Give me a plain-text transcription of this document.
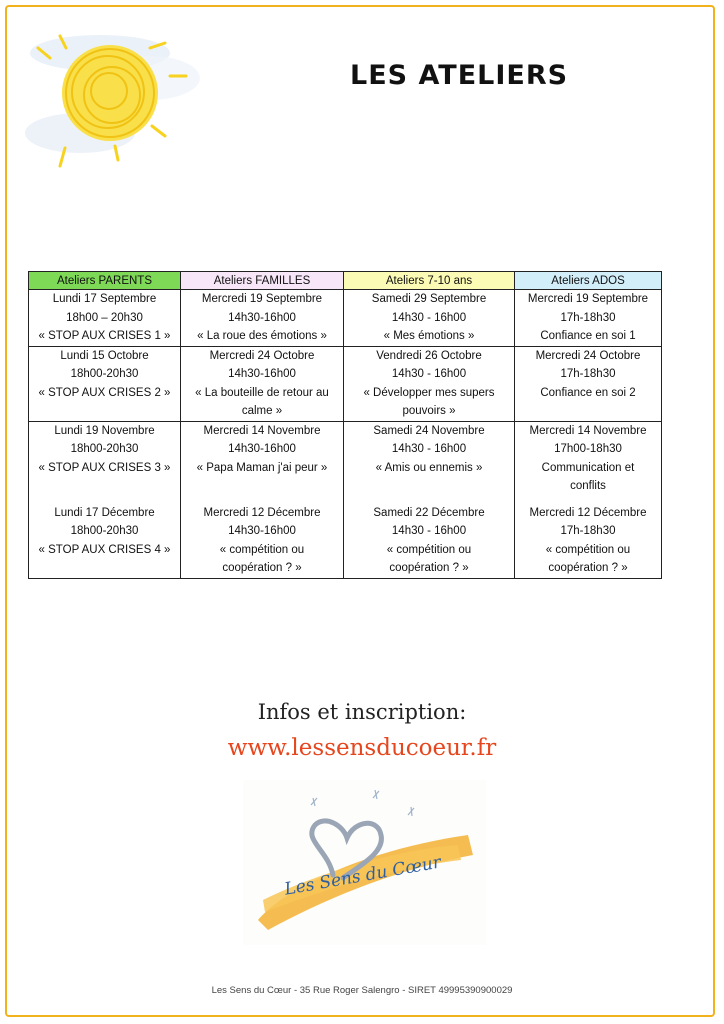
LES ATELIERS
Ateliers PARENTS	Ateliers FAMILLES	Ateliers 7-10 ans	Ateliers ADOS

Lundi 17 Septembre
18h00 – 20h30
« STOP AUX CRISES 1 »	Mercredi 19 Septembre
14h30-16h00
« La roue des émotions »	Samedi 29 Septembre
14h30 - 16h00
« Mes émotions »	Mercredi 19 Septembre
17h-18h30
Confiance en soi 1

Lundi 15 Octobre
18h00-20h30
« STOP AUX CRISES 2 »	Mercredi 24 Octobre
14h30-16h00
« La bouteille de retour au
calme »	Vendredi 26 Octobre
14h30 - 16h00
« Développer mes supers
pouvoirs »	Mercredi 24 Octobre
17h-18h30
Confiance en soi 2

Lundi 19 Novembre
18h00-20h30
« STOP AUX CRISES 3 »	Mercredi 14 Novembre
14h30-16h00
« Papa Maman j'ai peur »	Samedi 24 Novembre
14h30 - 16h00
« Amis ou ennemis »	Mercredi 14 Novembre
17h00-18h30
Communication et
conflits

Lundi 17 Décembre
18h00-20h30
« STOP AUX CRISES 4 »	Mercredi 12 Décembre
14h30-16h00
« compétition ou
coopération ? »	Samedi 22 Décembre
14h30 - 16h00
« compétition ou
coopération ? »	Mercredi 12 Décembre
17h-18h30
« compétition ou
coopération ? »

Infos et inscription:

www.lessensducoeur.fr
Les Sens du Cœur

Les Sens du Cœur - 35 Rue Roger Salengro - SIRET 49995390900029
